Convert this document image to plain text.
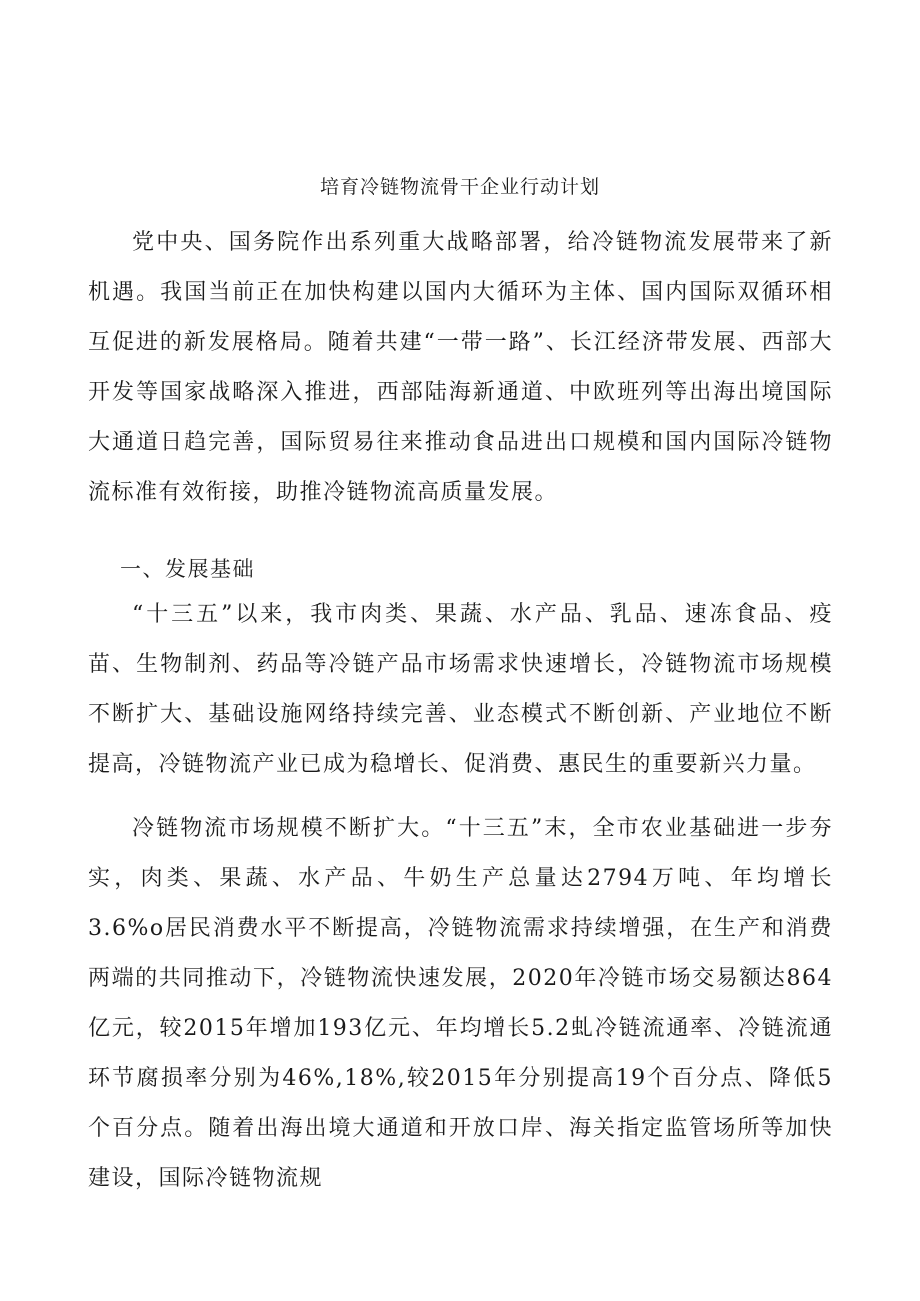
培育冷链物流骨干企业行动计划

党中央、国务院作出系列重大战略部署，给冷链物流发展带来了新机遇。我国当前正在加快构建以国内大循环为主体、国内国际双循环相互促进的新发展格局。随着共建“一带一路”、长江经济带发展、西部大开发等国家战略深入推进，西部陆海新通道、中欧班列等出海出境国际大通道日趋完善，国际贸易往来推动食品进出口规模和国内国际冷链物流标准有效衔接，助推冷链物流高质量发展。

一、发展基础

“十三五”以来，我市肉类、果蔬、水产品、乳品、速冻食品、疫苗、生物制剂、药品等冷链产品市场需求快速增长，冷链物流市场规模不断扩大、基础设施网络持续完善、业态模式不断创新、产业地位不断提高，冷链物流产业已成为稳增长、促消费、惠民生的重要新兴力量。

冷链物流市场规模不断扩大。“十三五”末，全市农业基础进一步夯实，肉类、果蔬、水产品、牛奶生产总量达2794万吨、年均增长3.6%o居民消费水平不断提高，冷链物流需求持续增强，在生产和消费两端的共同推动下，冷链物流快速发展，2020年冷链市场交易额达864亿元，较2015年增加193亿元、年均增长5.2虬冷链流通率、冷链流通环节腐损率分别为46%,18%,较2015年分别提高19个百分点、降低5个百分点。随着出海出境大通道和开放口岸、海关指定监管场所等加快建设，国际冷链物流规
